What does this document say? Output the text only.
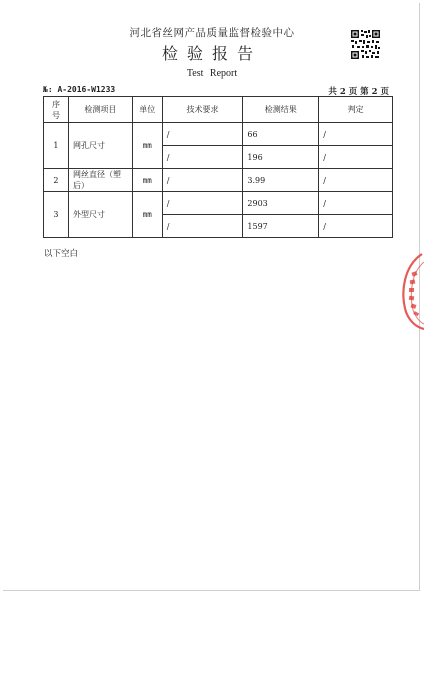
河北省丝网产品质量监督检验中心
检验报告
Test Report
№: A-2016-W1233	共 2 页 第 2 页
序号	检测项目	单位	技术要求	检测结果	判定
1	网孔尺寸	mm	/	66	/
			/	196	/
2	网丝直径（塑后）	mm	/	3.99	/
3	外型尺寸	mm	/	2903	/
			/	1597	/
以下空白
